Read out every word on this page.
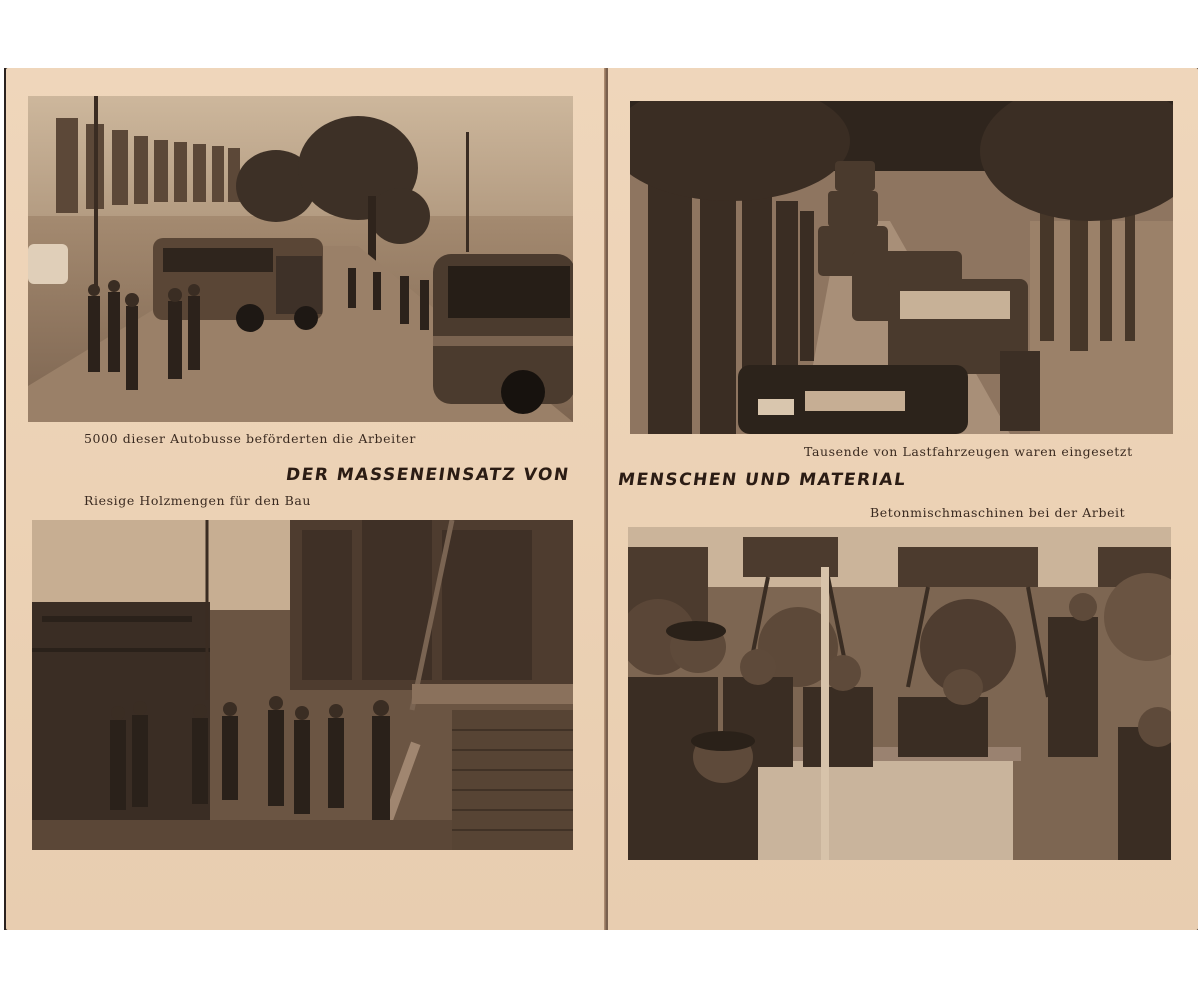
5000 dieser Autobusse beförderten die Arbeiter
DER MASSENEINSATZ VON
Riesige Holzmengen für den Bau
Tausende von Lastfahrzeugen waren eingesetzt
MENSCHEN UND MATERIAL
Betonmischmaschinen bei der Arbeit
